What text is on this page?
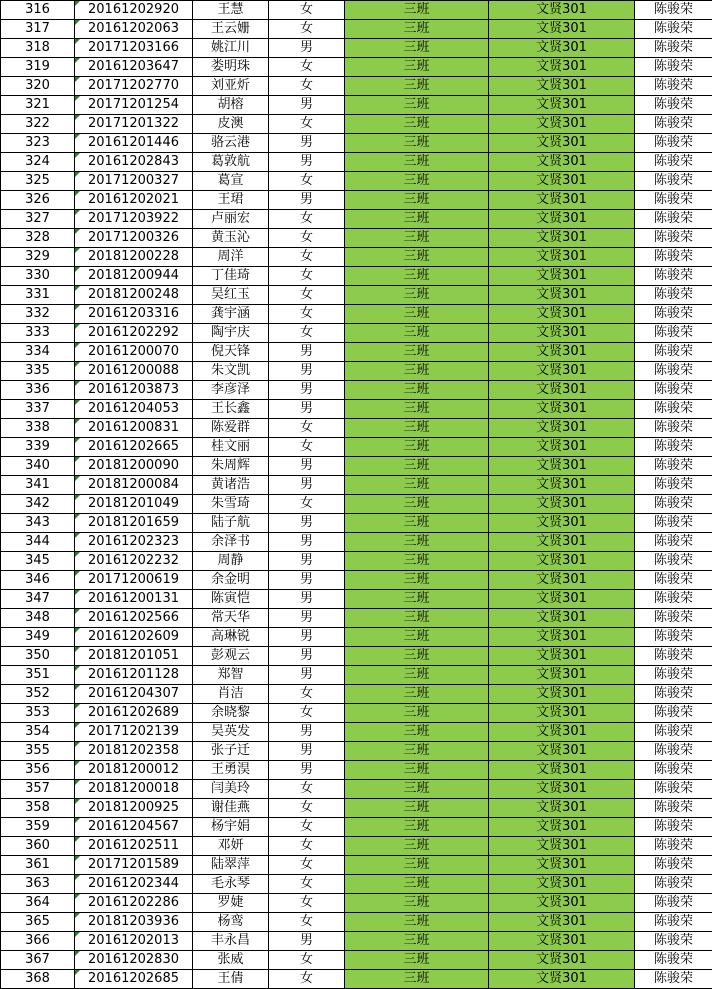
316	20161202920	王慧	女	三班	文贤301	陈骏荣
317	20161202063	王云姗	女	三班	文贤301	陈骏荣
318	20171203166	姚江川	男	三班	文贤301	陈骏荣
319	20161203647	娄明珠	女	三班	文贤301	陈骏荣
320	20171202770	刘亚炘	女	三班	文贤301	陈骏荣
321	20171201254	胡榕	男	三班	文贤301	陈骏荣
322	20171201322	皮澳	女	三班	文贤301	陈骏荣
323	20161201446	骆云港	男	三班	文贤301	陈骏荣
324	20161202843	葛敦航	男	三班	文贤301	陈骏荣
325	20171200327	葛宣	女	三班	文贤301	陈骏荣
326	20161202021	王珺	男	三班	文贤301	陈骏荣
327	20171203922	卢丽宏	女	三班	文贤301	陈骏荣
328	20171200326	黄玉沁	女	三班	文贤301	陈骏荣
329	20181200228	周洋	女	三班	文贤301	陈骏荣
330	20181200944	丁佳琦	女	三班	文贤301	陈骏荣
331	20181200248	吴红玉	女	三班	文贤301	陈骏荣
332	20161203316	龚宇涵	女	三班	文贤301	陈骏荣
333	20161202292	陶宇庆	女	三班	文贤301	陈骏荣
334	20161200070	倪天锋	男	三班	文贤301	陈骏荣
335	20161200088	朱文凯	男	三班	文贤301	陈骏荣
336	20161203873	李彦泽	男	三班	文贤301	陈骏荣
337	20161204053	王长鑫	男	三班	文贤301	陈骏荣
338	20161200831	陈爱群	女	三班	文贤301	陈骏荣
339	20161202665	桂文丽	女	三班	文贤301	陈骏荣
340	20181200090	朱周辉	男	三班	文贤301	陈骏荣
341	20181200084	黄诸浩	男	三班	文贤301	陈骏荣
342	20181201049	朱雪琦	女	三班	文贤301	陈骏荣
343	20181201659	陆子航	男	三班	文贤301	陈骏荣
344	20161202323	余泽书	男	三班	文贤301	陈骏荣
345	20161202232	周静	男	三班	文贤301	陈骏荣
346	20171200619	余金明	男	三班	文贤301	陈骏荣
347	20161200131	陈寅恺	男	三班	文贤301	陈骏荣
348	20161202566	常天华	男	三班	文贤301	陈骏荣
349	20161202609	高琳锐	男	三班	文贤301	陈骏荣
350	20181201051	彭观云	男	三班	文贤301	陈骏荣
351	20161201128	郑智	男	三班	文贤301	陈骏荣
352	20161204307	肖洁	女	三班	文贤301	陈骏荣
353	20161202689	余晓黎	女	三班	文贤301	陈骏荣
354	20171202139	吴英发	男	三班	文贤301	陈骏荣
355	20181202358	张子迁	男	三班	文贤301	陈骏荣
356	20181200012	王勇淏	男	三班	文贤301	陈骏荣
357	20181200018	闫美玲	女	三班	文贤301	陈骏荣
358	20181200925	谢佳燕	女	三班	文贤301	陈骏荣
359	20161204567	杨宇娟	女	三班	文贤301	陈骏荣
360	20161202511	邓妍	女	三班	文贤301	陈骏荣
361	20171201589	陆翠萍	女	三班	文贤301	陈骏荣
363	20161202344	毛永琴	女	三班	文贤301	陈骏荣
364	20161202286	罗婕	女	三班	文贤301	陈骏荣
365	20181203936	杨鸾	女	三班	文贤301	陈骏荣
366	20161202013	丰永昌	男	三班	文贤301	陈骏荣
367	20161202830	张威	女	三班	文贤301	陈骏荣
368	20161202685	王倩	女	三班	文贤301	陈骏荣
